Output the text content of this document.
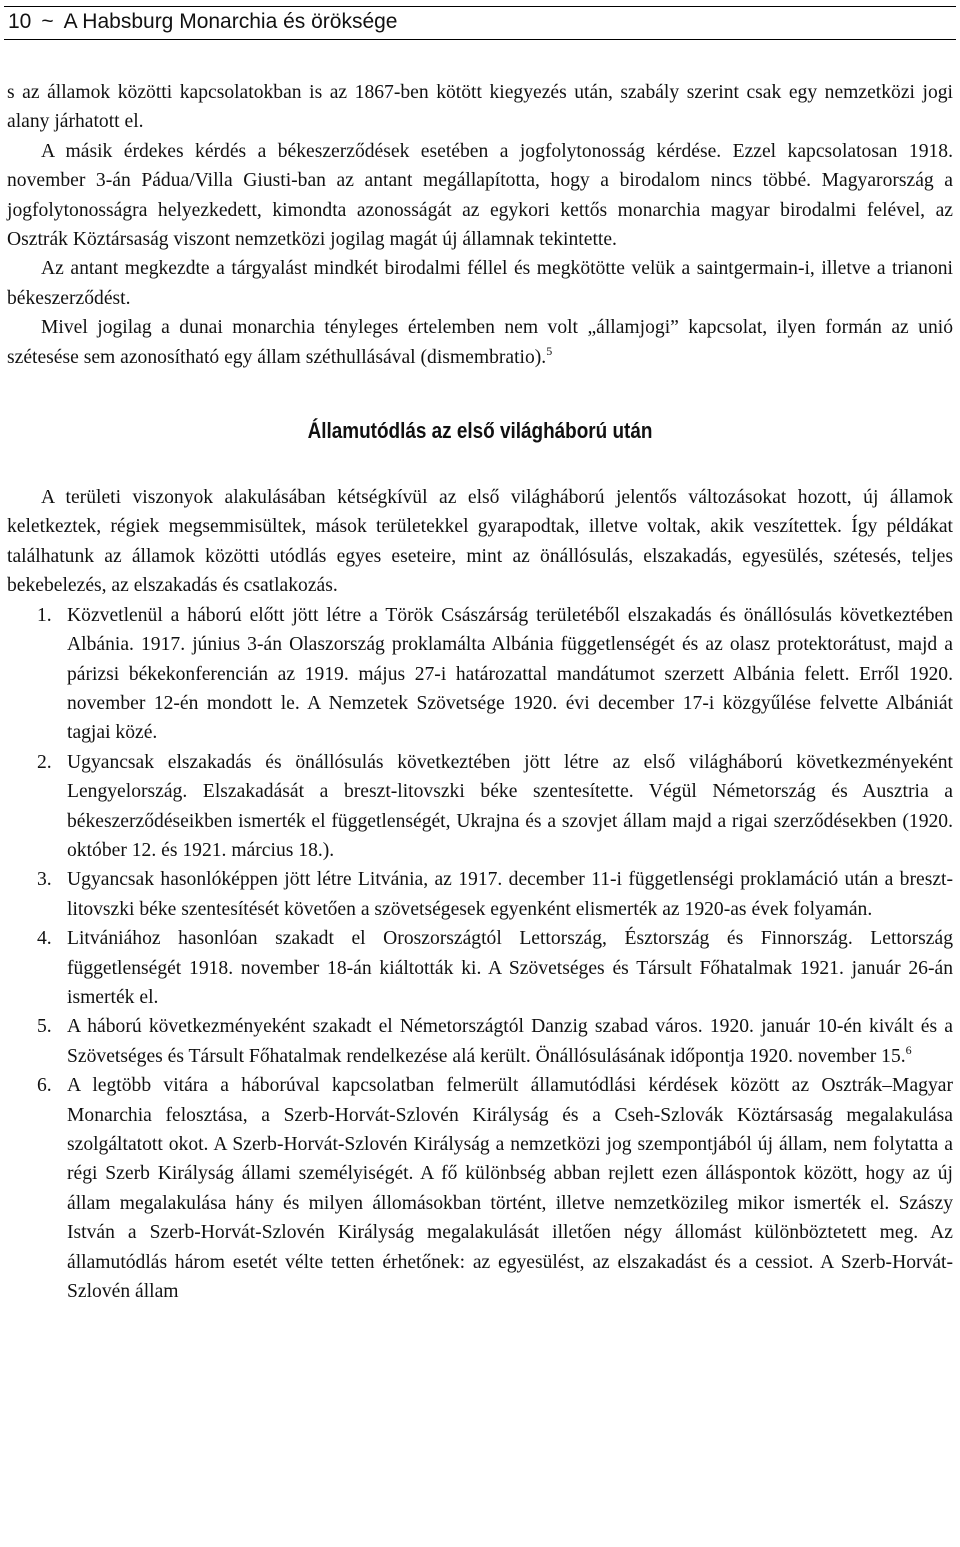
10 ~ A Habsburg Monarchia és öröksége

s az államok közötti kapcsolatokban is az 1867-ben kötött kiegyezés után, szabály szerint csak egy nemzetközi jogi alany járhatott el.

A másik érdekes kérdés a békeszerződések esetében a jogfolytonosság kérdése. Ezzel kapcsolatosan 1918. november 3-án Pádua/Villa Giusti-ban az antant megállapította, hogy a birodalom nincs többé. Magyarország a jogfolytonosságra helyezkedett, kimondta azonosságát az egykori kettős monarchia magyar birodalmi felével, az Osztrák Köztársaság viszont nemzetközi jogilag magát új államnak tekintette.

Az antant megkezdte a tárgyalást mindkét birodalmi féllel és megkötötte velük a saintgermain-i, illetve a trianoni békeszerződést.

Mivel jogilag a dunai monarchia tényleges értelemben nem volt „államjogi” kapcsolat, ilyen formán az unió szétesése sem azonosítható egy állam széthullásával (dismembratio).$^5$

Államutódlás az első világháború után

A területi viszonyok alakulásában kétségkívül az első világháború jelentős változásokat hozott, új államok keletkeztek, régiek megsemmisültek, mások területekkel gyarapodtak, illetve voltak, akik veszítettek. Így példákat találhatunk az államok közötti utódlás egyes eseteire, mint az önállósulás, elszakadás, egyesülés, szétesés, teljes bekebelezés, az elszakadás és csatlakozás.

1. Közvetlenül a háború előtt jött létre a Török Császárság területéből elszakadás és önállósulás következtében Albánia. 1917. június 3-án Olaszország proklamálta Albánia függetlenségét és az olasz protektorátust, majd a párizsi békekonferencián az 1919. május 27-i határozattal mandátumot szerzett Albánia felett. Erről 1920. november 12-én mondott le. A Nemzetek Szövetsége 1920. évi december 17-i közgyűlése felvette Albániát tagjai közé.
2. Ugyancsak elszakadás és önállósulás következtében jött létre az első világháború következményeként Lengyelország. Elszakadását a breszt-litovszki béke szentesítette. Végül Németország és Ausztria a békeszerződéseikben ismerték el függetlenségét, Ukrajna és a szovjet állam majd a rigai szerződésekben (1920. október 12. és 1921. március 18.).
3. Ugyancsak hasonlóképpen jött létre Litvánia, az 1917. december 11-i függetlenségi proklamáció után a breszt-litovszki béke szentesítését követően a szövetségesek egyenként elismerték az 1920-as évek folyamán.
4. Litvániához hasonlóan szakadt el Oroszországtól Lettország, Észtország és Finnország. Lettország függetlenségét 1918. november 18-án kiáltották ki. A Szövetséges és Társult Főhatalmak 1921. január 26-án ismerték el.
5. A háború következményeként szakadt el Németországtól Danzig szabad város. 1920. január 10-én kivált és a Szövetséges és Társult Főhatalmak rendelkezése alá került. Önállósulásának időpontja 1920. november 15.$^6$
6. A legtöbb vitára a háborúval kapcsolatban felmerült államutódlási kérdések között az Osztrák–Magyar Monarchia felosztása, a Szerb-Horvát-Szlovén Királyság és a Cseh-Szlovák Köztársaság megalakulása szolgáltatott okot. A Szerb-Horvát-Szlovén Királyság a nemzetközi jog szempontjából új állam, nem folytatta a régi Szerb Királyság állami személyiségét. A fő különbség abban rejlett ezen álláspontok között, hogy az új állam megalakulása hány és milyen állomásokban történt, illetve nemzetközileg mikor ismerték el. Szászy István a Szerb-Horvát-Szlovén Királyság megalakulását illetően négy állomást különböztetett meg. Az államutódlás három esetét vélte tetten érhetőnek: az egyesülést, az elszakadást és a cessiot. A Szerb-Horvát-Szlovén állam
